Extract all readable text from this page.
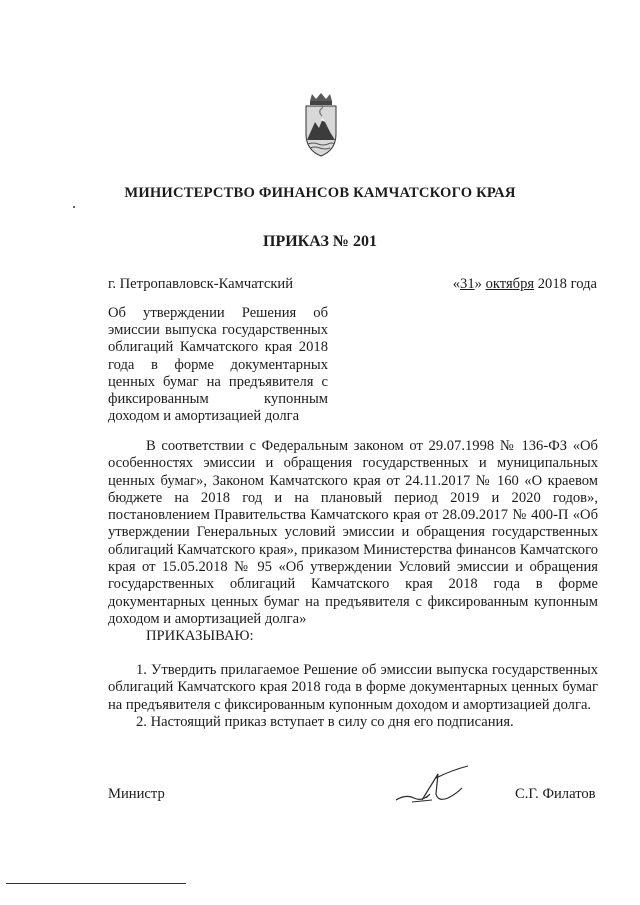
МИНИСТЕРСТВО ФИНАНСОВ КАМЧАТСКОГО КРАЯ
ПРИКАЗ № 201
г. Петропавловск-Камчатский	«31» октября 2018 года
Об утверждении Решения об
эмиссии выпуска государственных
облигаций Камчатского края 2018
года в форме документарных
ценных бумаг на предъявителя с
фиксированным купонным
доходом и амортизацией долга
В соответствии с Федеральным законом от 29.07.1998 № 136-ФЗ «Об особенностях эмиссии и обращения государственных и муниципальных ценных бумаг», Законом Камчатского края от 24.11.2017 № 160 «О краевом бюджете на 2018 год и на плановый период 2019 и 2020 годов», постановлением Правительства Камчатского края от 28.09.2017 № 400-П «Об утверждении Генеральных условий эмиссии и обращения государственных облигаций Камчатского края», приказом Министерства финансов Камчатского края от 15.05.2018 № 95 «Об утверждении Условий эмиссии и обращения государственных облигаций Камчатского края 2018 года в форме документарных ценных бумаг на предъявителя с фиксированным купонным доходом и амортизацией долга»
ПРИКАЗЫВАЮ:

1. Утвердить прилагаемое Решение об эмиссии выпуска государственных облигаций Камчатского края 2018 года в форме документарных ценных бумаг на предъявителя с фиксированным купонным доходом и амортизацией долга.

2. Настоящий приказ вступает в силу со дня его подписания.

Министр	С.Г. Филатов
